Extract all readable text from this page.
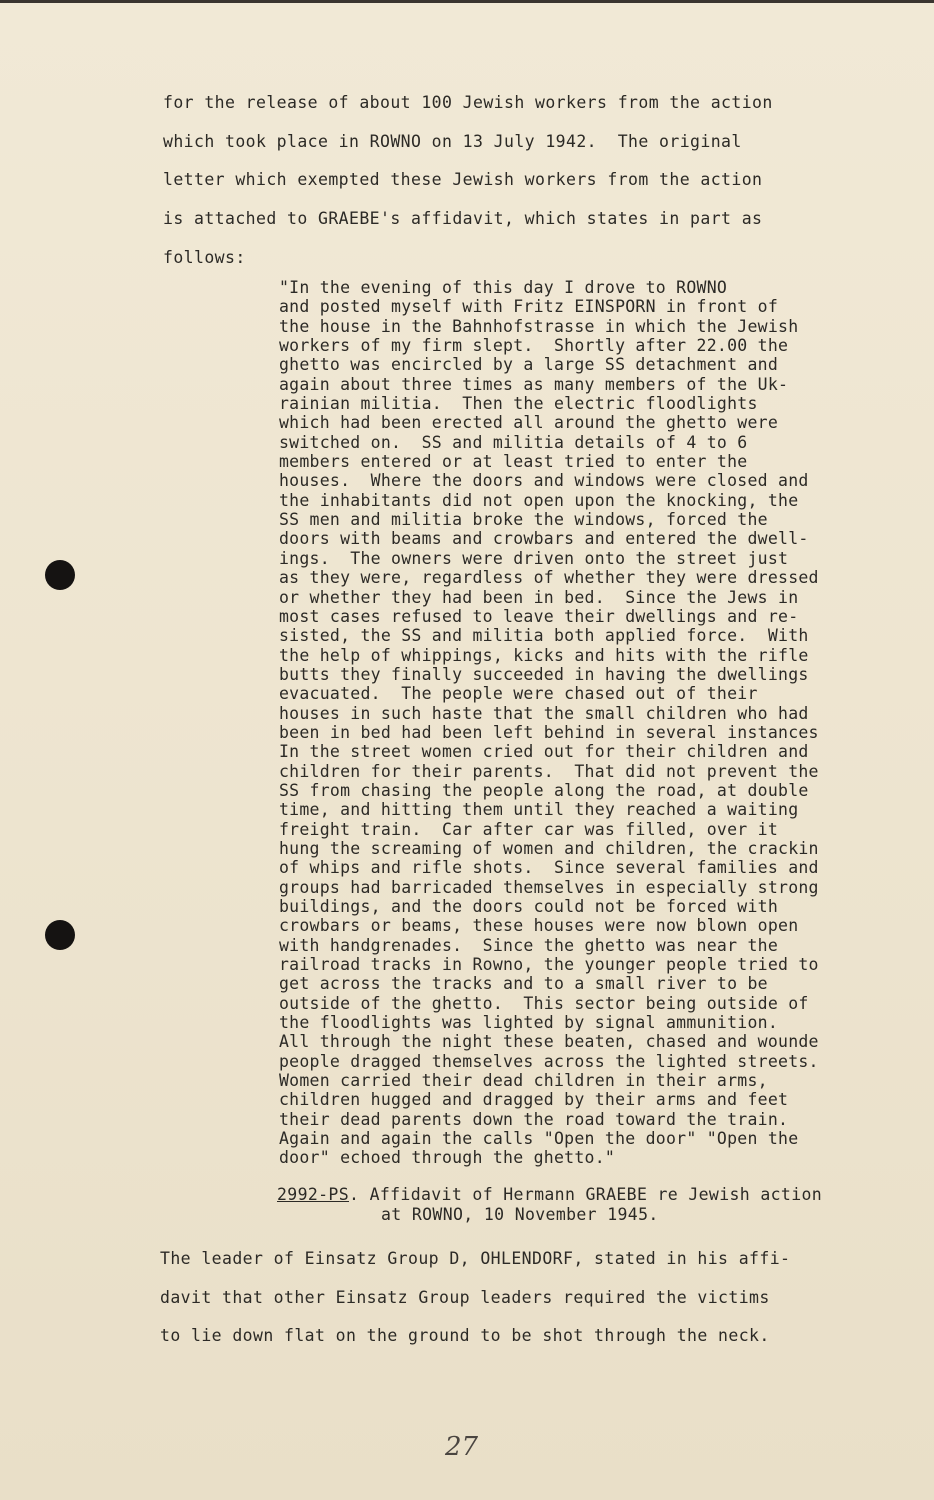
for the release of about 100 Jewish workers from the action
which took place in ROWNO on 13 July 1942.  The original
letter which exempted these Jewish workers from the action
is attached to GRAEBE's affidavit, which states in part as
follows:
"In the evening of this day I drove to ROWNO
and posted myself with Fritz EINSPORN in front of
the house in the Bahnhofstrasse in which the Jewish
workers of my firm slept.  Shortly after 22.00 the
ghetto was encircled by a large SS detachment and
again about three times as many members of the Uk-
rainian militia.  Then the electric floodlights
which had been erected all around the ghetto were
switched on.  SS and militia details of 4 to 6
members entered or at least tried to enter the
houses.  Where the doors and windows were closed and
the inhabitants did not open upon the knocking, the
SS men and militia broke the windows, forced the
doors with beams and crowbars and entered the dwell-
ings.  The owners were driven onto the street just
as they were, regardless of whether they were dressed
or whether they had been in bed.  Since the Jews in
most cases refused to leave their dwellings and re-
sisted, the SS and militia both applied force.  With
the help of whippings, kicks and hits with the rifle
butts they finally succeeded in having the dwellings
evacuated.  The people were chased out of their
houses in such haste that the small children who had
been in bed had been left behind in several instances
In the street women cried out for their children and
children for their parents.  That did not prevent the
SS from chasing the people along the road, at double
time, and hitting them until they reached a waiting
freight train.  Car after car was filled, over it
hung the screaming of women and children, the crackin
of whips and rifle shots.  Since several families and
groups had barricaded themselves in especially strong
buildings, and the doors could not be forced with
crowbars or beams, these houses were now blown open
with handgrenades.  Since the ghetto was near the
railroad tracks in Rowno, the younger people tried to
get across the tracks and to a small river to be
outside of the ghetto.  This sector being outside of
the floodlights was lighted by signal ammunition.
All through the night these beaten, chased and wounde
people dragged themselves across the lighted streets.
Women carried their dead children in their arms,
children hugged and dragged by their arms and feet
their dead parents down the road toward the train.
Again and again the calls "Open the door" "Open the
door" echoed through the ghetto."
2992-PS. Affidavit of Hermann GRAEBE re Jewish action
at ROWNO, 10 November 1945.
The leader of Einsatz Group D, OHLENDORF, stated in his affi-
davit that other Einsatz Group leaders required the victims
to lie down flat on the ground to be shot through the neck.
27
